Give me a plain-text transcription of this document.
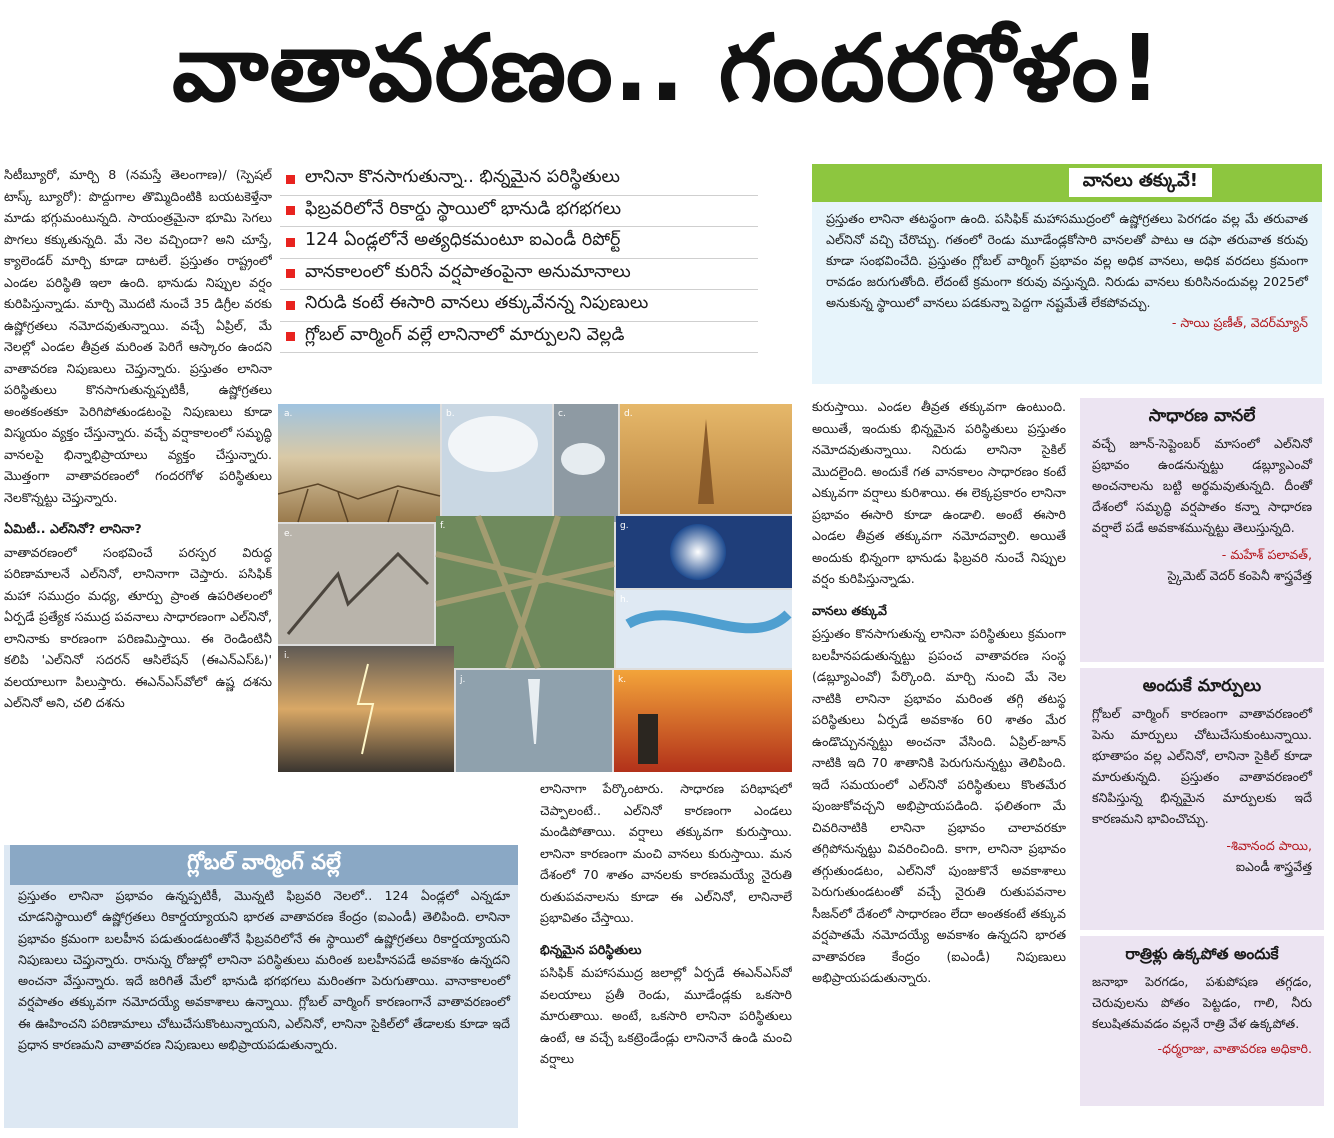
వాతావరణం.. గందరగోళం!

సిటీబ్యూరో, మార్చి 8 (నమస్తే తెలంగాణ)/ (స్పెషల్ టాస్క్ బ్యూరో): పొద్దుగాల తొమ్మిదింటికి బయటకెళ్తేనా మాడు భగ్గుమంటున్నది. సాయంత్రమైనా భూమి సెగలు పొగలు కక్కుతున్నది. మే నెల వచ్చిందా? అని చూస్తే, క్యాలెండర్ మార్చి కూడా దాటలే. ప్రస్తుతం రాష్ట్రంలో ఎండల పరిస్థితి ఇలా ఉంది. భానుడు నిప్పుల వర్షం కురిపిస్తున్నాడు. మార్చి మొదటి నుంచే 35 డిగ్రీల వరకు ఉష్ణోగ్రతలు నమోదవుతున్నాయి. వచ్చే ఏప్రిల్, మే నెలల్లో ఎండల తీవ్రత మరింత పెరిగే ఆస్కారం ఉందని వాతావరణ నిపుణులు చెప్తున్నారు. ప్రస్తుతం లానినా పరిస్థితులు కొనసాగుతున్నప్పటికీ, ఉష్ణోగ్రతలు అంతకంతకూ పెరిగిపోతుండటంపై నిపుణులు కూడా విస్మయం వ్యక్తం చేస్తున్నారు. వచ్చే వర్షాకాలంలో సమృద్ధి వానలపై భిన్నాభిప్రాయాలు వ్యక్తం చేస్తున్నారు. మొత్తంగా వాతావరణంలో గందరగోళ పరిస్థితులు నెలకొన్నట్టు చెప్తున్నారు.

ఏమిటీ.. ఎల్‌నినో? లానినా?

వాతావరణంలో సంభవించే పరస్పర విరుద్ధ పరిణామాలనే ఎల్‌నినో, లానినాగా చెప్తారు. పసిఫిక్ మహా సముద్రం మధ్య, తూర్పు ప్రాంత ఉపరితలంలో ఏర్పడే ప్రత్యేక సముద్ర పవనాలు సాధారణంగా ఎల్‌నినో, లానినాకు కారణంగా పరిణమిస్తాయి. ఈ రెండింటినీ కలిపి 'ఎల్‌నినో సదరన్ ఆసిలేషన్ (ఈఎన్‌ఎస్‌ఓ)' వలయాలుగా పిలుస్తారు. ఈఎన్‌ఎస్‌వోలో ఉష్ణ దశను ఎల్‌నినో అని, చలి దశను

లానినా కొనసాగుతున్నా.. భిన్నమైన పరిస్థితులు
ఫిబ్రవరిలోనే రికార్డు స్థాయిలో భానుడి భగభగలు
124 ఏండ్లలోనే అత్యధికమంటూ ఐఎండీ రిపోర్ట్
వానకాలంలో కురిసే వర్షపాతంపైనా అనుమానాలు
నిరుడి కంటే ఈసారి వానలు తక్కువేనన్న నిపుణులు
గ్లోబల్ వార్మింగ్ వల్లే లానినాలో మార్పులని వెల్లడి
a.	b.	c.	d.
e.
f.	g.
h.
i.
j.	k.

లానినాగా పేర్కొంటారు. సాధారణ పరిభాషలో చెప్పాలంటే.. ఎల్‌నినో కారణంగా ఎండలు మండిపోతాయి. వర్షాలు తక్కువగా కురుస్తాయి. లానినా కారణంగా మంచి వానలు కురుస్తాయి. మన దేశంలో 70 శాతం వానలకు కారణమయ్యే నైరుతి రుతుపవనాలను కూడా ఈ ఎల్‌నినో, లానినాలే ప్రభావితం చేస్తాయి.

భిన్నమైన పరిస్థితులు

పసిఫిక్ మహాసముద్ర జలాల్లో ఏర్పడే ఈఎన్‌ఎస్‌వో వలయాలు ప్రతీ రెండు, మూడేండ్లకు ఒకసారి మారుతాయి. అంటే, ఒకసారి లానినా పరిస్థితులు ఉంటే, ఆ వచ్చే ఒకట్రెండేండ్లు లానినానే ఉండి మంచి వర్షాలు

కురుస్తాయి. ఎండల తీవ్రత తక్కువగా ఉంటుంది. అయితే, ఇందుకు భిన్నమైన పరిస్థితులు ప్రస్తుతం నమోదవుతున్నాయి. నిరుడు లానినా సైకిల్ మొదలైంది. అందుకే గత వానకాలం సాధారణం కంటే ఎక్కువగా వర్షాలు కురిశాయి. ఈ లెక్కప్రకారం లానినా ప్రభావం ఈసారి కూడా ఉండాలి. అంటే ఈసారి ఎండల తీవ్రత తక్కువగా నమోదవ్వాలి. అయితే అందుకు భిన్నంగా భానుడు ఫిబ్రవరి నుంచే నిప్పుల వర్షం కురిపిస్తున్నాడు.

వానలు తక్కువే

ప్రస్తుతం కొనసాగుతున్న లానినా పరిస్థితులు క్రమంగా బలహీనపడుతున్నట్టు ప్రపంచ వాతావరణ సంస్థ (డబ్ల్యూఎంవో) పేర్కొంది. మార్చి నుంచి మే నెల నాటికి లానినా ప్రభావం మరింత తగ్గి తటస్థ పరిస్థితులు ఏర్పడే అవకాశం 60 శాతం మేర ఉండొచ్చునన్నట్టు అంచనా వేసింది. ఏప్రిల్-జూన్ నాటికి ఇది 70 శాతానికి పెరుగునున్నట్టు తెలిపింది. ఇదే సమయంలో ఎల్‌నినో పరిస్థితులు కొంతమేర పుంజుకోవచ్చని అభిప్రాయపడింది. ఫలితంగా మే చివరినాటికి లానినా ప్రభావం చాలావరకూ తగ్గిపోనున్నట్టు వివరించింది. కాగా, లానినా ప్రభావం తగ్గుతుండటం, ఎల్‌నినో పుంజుకొనే అవకాశాలు పెరుగుతుండటంతో వచ్చే నైరుతి రుతుపవనాల సీజన్‌లో దేశంలో సాధారణం లేదా అంతకంటే తక్కువ వర్షపాతమే నమోదయ్యే అవకాశం ఉన్నదని భారత వాతావరణ కేంద్రం (ఐఎండీ) నిపుణులు అభిప్రాయపడుతున్నారు.

వానలు తక్కువే!
ప్రస్తుతం లానినా తటస్థంగా ఉంది. పసిఫిక్ మహాసముద్రంలో ఉష్ణోగ్రతలు పెరగడం వల్ల మే తరువాత ఎల్‌నినో వచ్చి చేరొచ్చు. గతంలో రెండు మూడేండ్లకోసారి వానలతో పాటు ఆ దఫా తరువాత కరువు కూడా సంభవించేది. ప్రస్తుతం గ్లోబల్ వార్మింగ్ ప్రభావం వల్ల అధిక వానలు, అధిక వరదలు క్రమంగా రావడం జరుగుతోంది. లేదంటే క్రమంగా కరువు వస్తున్నది. నిరుడు వానలు కురిసినందువల్ల 2025లో అనుకున్న స్థాయిలో వానలు పడకున్నా పెద్దగా నష్టమేతే లేకపోవచ్చు.
- సాయి ప్రణీత్, వెదర్‌మ్యాన్
సాధారణ వానలే
వచ్చే జూన్-సెప్టెంబర్ మాసంలో ఎల్‌నినో ప్రభావం ఉండనున్నట్టు డబ్ల్యూఎంవో అంచనాలను బట్టి అర్థమవుతున్నది. దీంతో దేశంలో సమృద్ధి వర్షపాతం కన్నా సాధారణ వర్షాలే పడే అవకాశమున్నట్టు తెలుస్తున్నది.
- మహేశ్ పలావత్,
స్కైమెట్ వెదర్ కంపెనీ శాస్త్రవేత్త
అందుకే మార్పులు
గ్లోబల్ వార్మింగ్ కారణంగా వాతావరణంలో పెను మార్పులు చోటుచేసుకుంటున్నాయి. భూతాపం వల్ల ఎల్‌నినో, లానినా సైకిల్ కూడా మారుతున్నది. ప్రస్తుతం వాతావరణంలో కనిపిస్తున్న భిన్నమైన మార్పులకు ఇదే కారణమని భావించొచ్చు.
-శివానంద పాయి,
ఐఎండీ శాస్త్రవేత్త
రాత్రిళ్లు ఉక్కపోత అందుకే
జనాభా పెరగడం, పశుపోషణ తగ్గడం, చెరువులను పోతం పెట్టడం, గాలి, నీరు కలుషితమవడం వల్లనే రాత్రి వేళ ఉక్కపోత.
-ధర్మరాజు, వాతావరణ అధికారి.
గ్లోబల్ వార్మింగ్ వల్లే
ప్రస్తుతం లానినా ప్రభావం ఉన్నప్పటికీ, మొన్నటి ఫిబ్రవరి నెలలో.. 124 ఏండ్లలో ఎన్నడూ చూడనిస్థాయిలో ఉష్ణోగ్రతలు రికార్డయ్యాయని భారత వాతావరణ కేంద్రం (ఐఎండీ) తెలిపింది. లానినా ప్రభావం క్రమంగా బలహీన పడుతుండటంతోనే ఫిబ్రవరిలోనే ఈ స్థాయిలో ఉష్ణోగ్రతలు రికార్డయ్యాయని నిపుణులు చెప్తున్నారు. రానున్న రోజుల్లో లానినా పరిస్థితులు మరింత బలహీనపడే అవకాశం ఉన్నదని అంచనా వేస్తున్నారు. ఇదే జరిగితే మేలో భానుడి భగభగలు మరింతగా పెరుగుతాయి. వానాకాలంలో వర్షపాతం తక్కువగా నమోదయ్యే అవకాశాలు ఉన్నాయి. గ్లోబల్ వార్మింగ్ కారణంగానే వాతావరణంలో ఈ ఊహించని పరిణామాలు చోటుచేసుకొంటున్నాయని, ఎల్‌నినో, లానినా సైకిల్‌లో తేడాలకు కూడా ఇదే ప్రధాన కారణమని వాతావరణ నిపుణులు అభిప్రాయపడుతున్నారు.
